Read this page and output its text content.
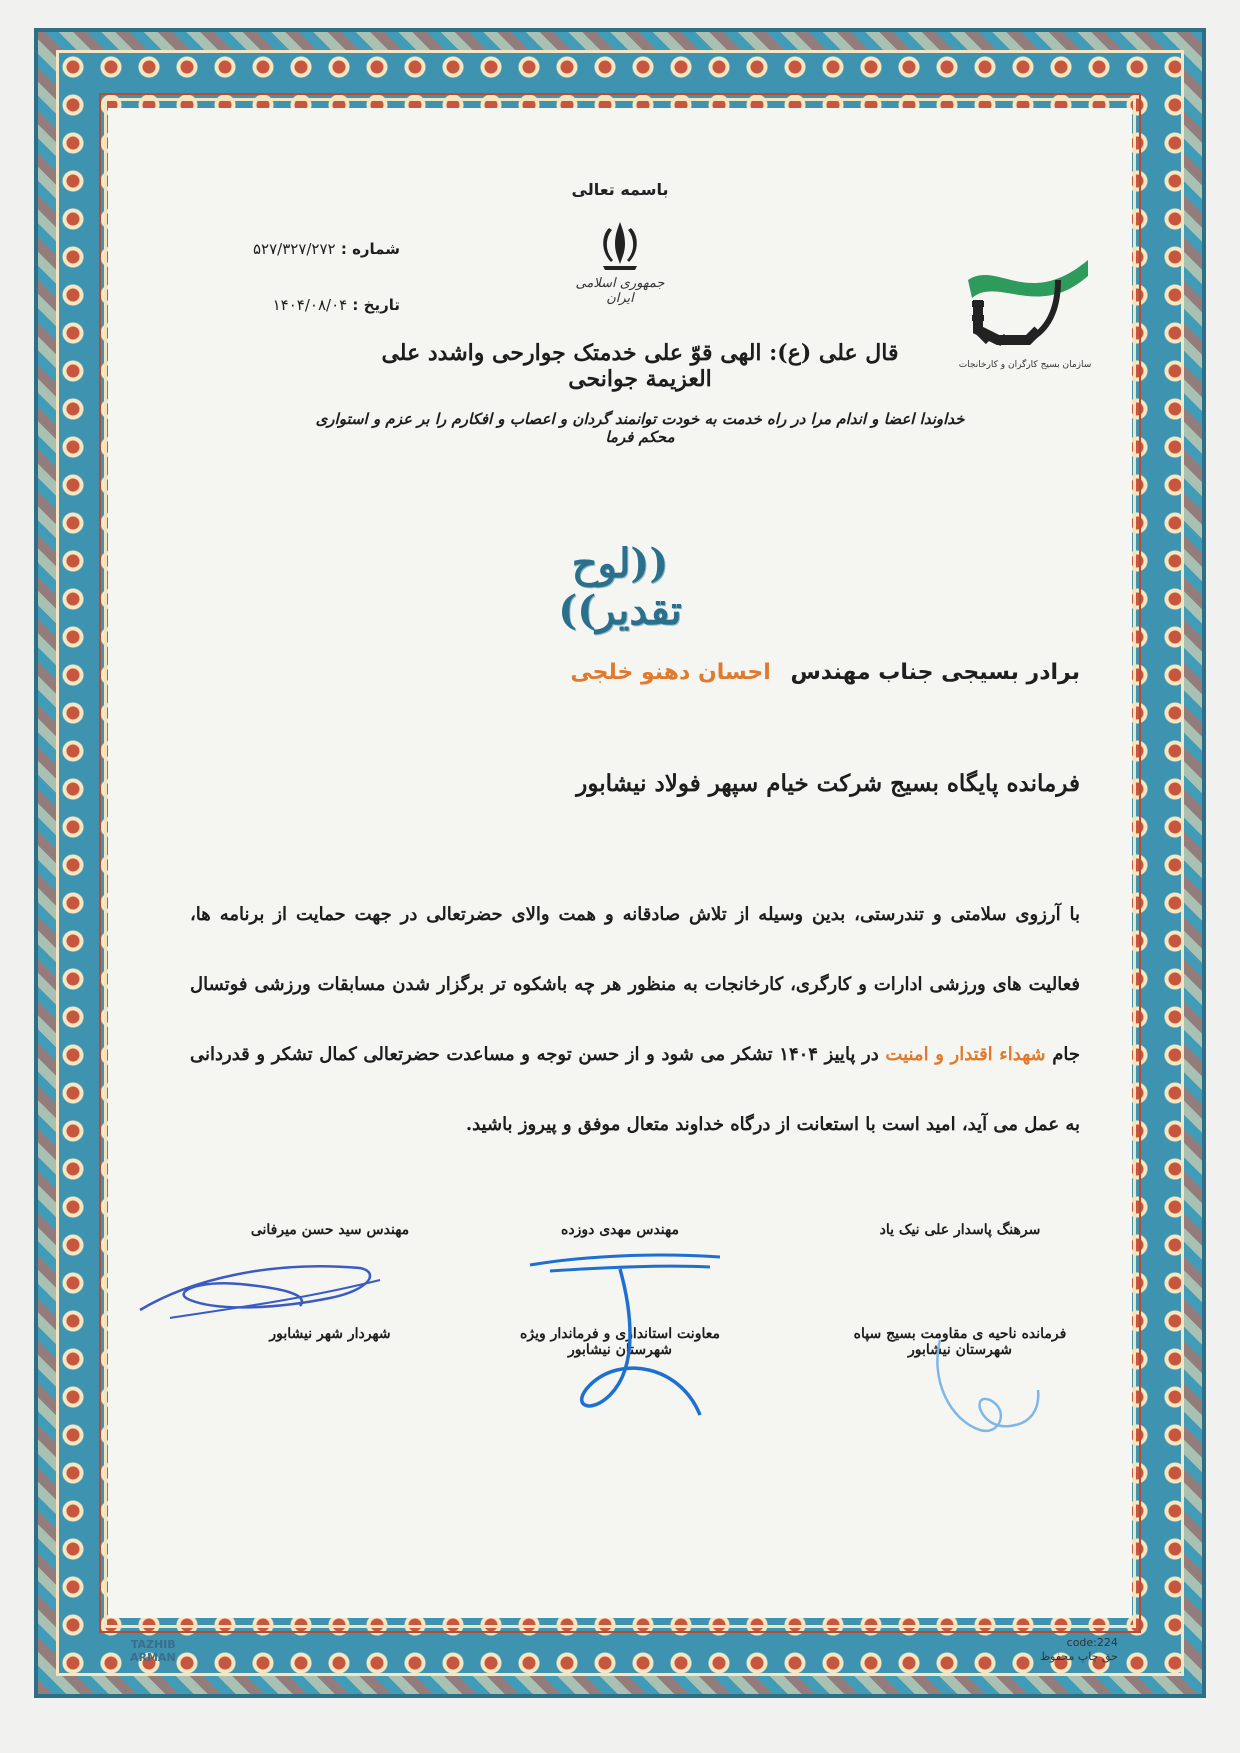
باسمه تعالی
جمهوری اسلامی ایران
شماره : ۵۲۷/۳۲۷/۲۷۲
تاریخ : ۱۴۰۴/۰۸/۰۴
سازمان بسیج کارگران و کارخانجات
قال علی (ع): الهی قوّ علی خدمتک جوارحی واشدد علی العزیمة جوانحی
خداوندا اعضا و اندام مرا در راه خدمت به خودت توانمند گردان و اعصاب و افکارم را بر عزم و استواری محکم فرما
((لوح تقدیر))
برادر بسیجی جناب مهندس احسان دهنو خلجی
فرمانده پایگاه بسیج شرکت خیام سپهر فولاد نیشابور
با آرزوی سلامتی و تندرستی، بدین وسیله از تلاش صادقانه و همت والای حضرتعالی در جهت حمایت از برنامه ها، فعالیت های ورزشی ادارات و کارگری، کارخانجات به منظور هر چه باشکوه تر برگزار شدن مسابقات ورزشی فوتسال جام شهداء اقتدار و امنیت در پاییز ۱۴۰۴ تشکر می شود و از حسن توجه و مساعدت حضرتعالی کمال تشکر و قدردانی به عمل می آید، امید است با استعانت از درگاه خداوند متعال موفق و پیروز باشید.
سرهنگ پاسدار علی نیک یاد
فرمانده ناحیه ی مقاومت بسیج سپاه شهرستان نیشابور
مهندس مهدی دوزده
معاونت استانداری و فرماندار ویژه شهرستان نیشابور
مهندس سید حسن میرفانی
شهردار شهر نیشابور
TAZHIB
ARMAN
code:224
حق چاپ محفوظ
